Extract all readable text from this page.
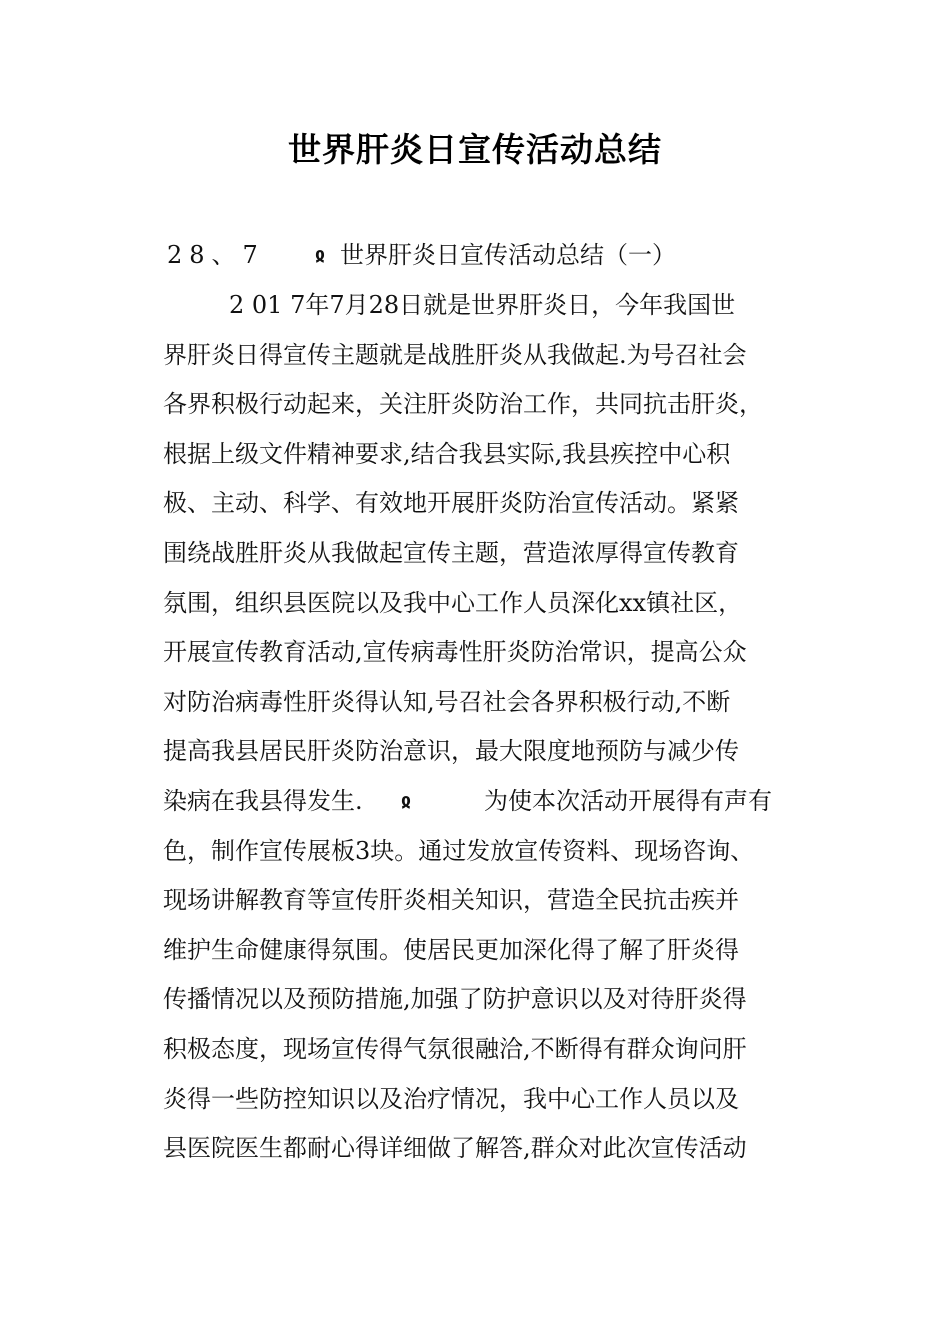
世界肝炎日宣传活动总结
28、7	ჲ 世界肝炎日宣传活动总结（一）
2 01 7年7月28日就是世界肝炎日，今年我国世
界肝炎日得宣传主题就是战胜肝炎从我做起.为号召社会
各界积极行动起来，关注肝炎防治工作，共同抗击肝炎，
根据上级文件精神要求,结合我县实际,我县疾控中心积
极、主动、科学、有效地开展肝炎防治宣传活动。紧紧
围绕战胜肝炎从我做起宣传主题，营造浓厚得宣传教育
氛围，组织县医院以及我中心工作人员深化xx镇社区，
开展宣传教育活动,宣传病毒性肝炎防治常识，提高公众
对防治病毒性肝炎得认知,号召社会各界积极行动,不断
提高我县居民肝炎防治意识，最大限度地预防与减少传
染病在我县得发生. ჲ	为使本次活动开展得有声有
色，制作宣传展板3块。通过发放宣传资料、现场咨询、
现场讲解教育等宣传肝炎相关知识，营造全民抗击疾并
维护生命健康得氛围。使居民更加深化得了解了肝炎得
传播情况以及预防措施,加强了防护意识以及对待肝炎得
积极态度，现场宣传得气氛很融洽,不断得有群众询问肝
炎得一些防控知识以及治疗情况，我中心工作人员以及
县医院医生都耐心得详细做了解答,群众对此次宣传活动
